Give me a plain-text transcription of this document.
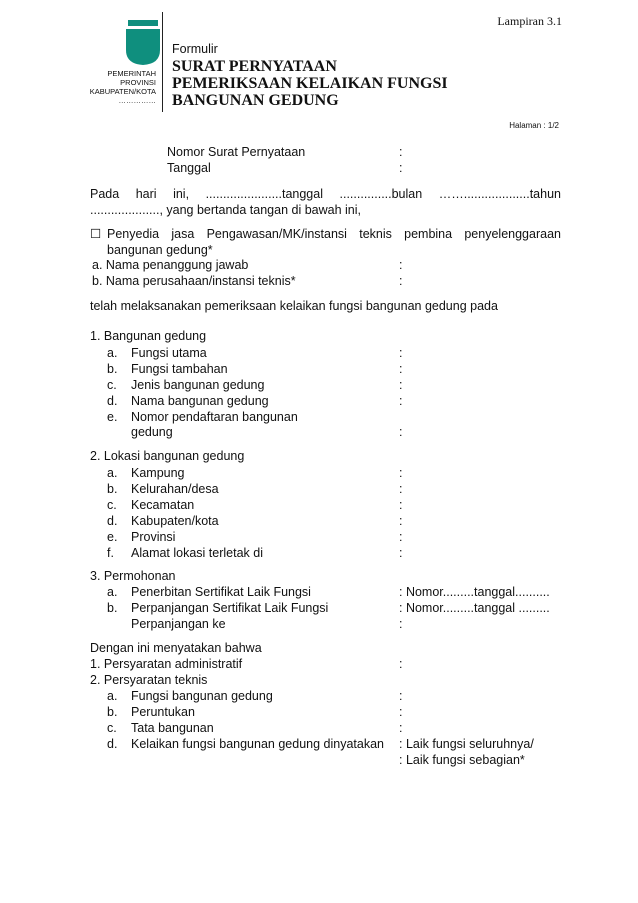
Lampiran 3.1
PEMERINTAH
PROVINSI
KABUPATEN/KOTA
……………
Formulir
SURAT PERNYATAAN
PEMERIKSAAN KELAIKAN FUNGSI
BANGUNAN GEDUNG
Halaman : 1/2
Nomor Surat Pernyataan	:
Tanggal	:
Pada hari ini, ......................tanggal ...............bulan ……...................tahun
...................., yang bertanda tangan di bawah ini,
☐ Penyedia jasa Pengawasan/MK/instansi teknis pembina penyelenggaraan
bangunan gedung*
a. Nama penanggung jawab	:
b. Nama perusahaan/instansi teknis*	:
telah melaksanakan pemeriksaan kelaikan fungsi bangunan gedung pada
1. Bangunan gedung
a. Fungsi utama	:
b. Fungsi tambahan	:
c. Jenis bangunan gedung	:
d. Nama bangunan gedung	:
e. Nomor pendaftaran bangunan
gedung	:
2. Lokasi bangunan gedung
a. Kampung	:
b. Kelurahan/desa	:
c. Kecamatan	:
d. Kabupaten/kota	:
e. Provinsi	:
f. Alamat lokasi terletak di	:
3. Permohonan
a. Penerbitan Sertifikat Laik Fungsi	: Nomor.........tanggal..........
b. Perpanjangan Sertifikat Laik Fungsi	: Nomor.........tanggal .........
Perpanjangan ke	:
Dengan ini menyatakan bahwa
1. Persyaratan administratif	:
2. Persyaratan teknis
a. Fungsi bangunan gedung	:
b. Peruntukan	:
c. Tata bangunan	:
d. Kelaikan fungsi bangunan gedung dinyatakan : Laik fungsi seluruhnya/
: Laik fungsi sebagian*
